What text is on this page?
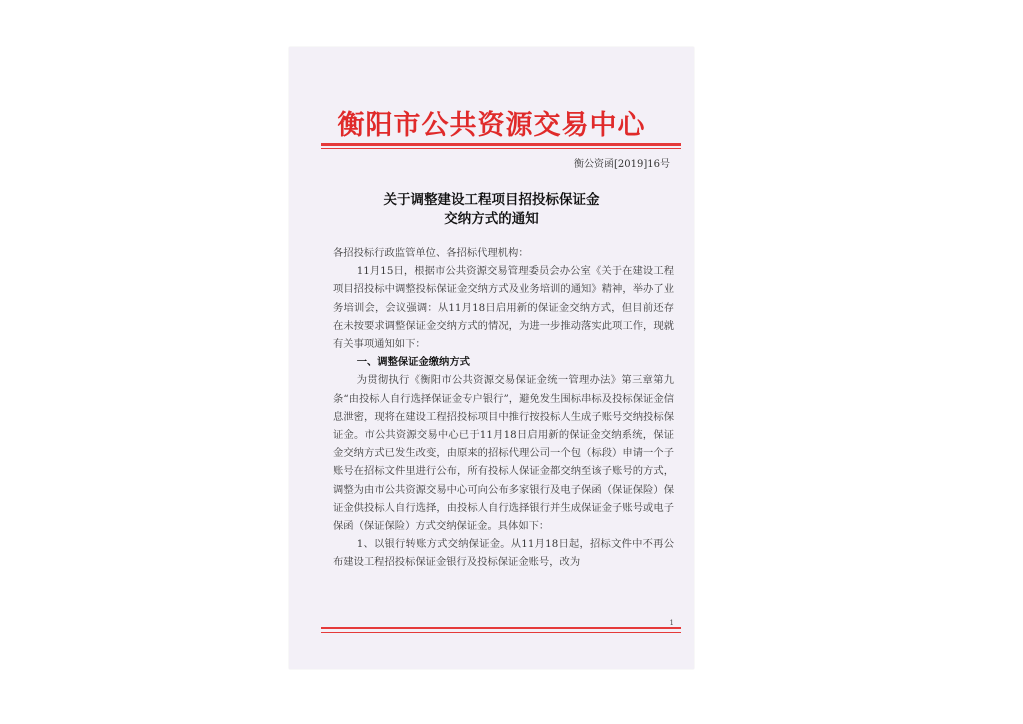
衡阳市公共资源交易中心
衡公资函[2019]16号
关于调整建设工程项目招投标保证金
交纳方式的通知

各招投标行政监管单位、各招标代理机构：

11月15日，根据市公共资源交易管理委员会办公室《关于在建设工程项目招投标中调整投标保证金交纳方式及业务培训的通知》精神，举办了业务培训会，会议强调：从11月18日启用新的保证金交纳方式，但目前还存在未按要求调整保证金交纳方式的情况，为进一步推动落实此项工作，现就有关事项通知如下：

一、调整保证金缴纳方式

为贯彻执行《衡阳市公共资源交易保证金统一管理办法》第三章第九条“由投标人自行选择保证金专户银行”，避免发生围标串标及投标保证金信息泄密，现将在建设工程招投标项目中推行按投标人生成子账号交纳投标保证金。市公共资源交易中心已于11月18日启用新的保证金交纳系统，保证金交纳方式已发生改变，由原来的招标代理公司一个包（标段）申请一个子账号在招标文件里进行公布，所有投标人保证金都交纳至该子账号的方式，调整为由市公共资源交易中心可向公布多家银行及电子保函（保证保险）保证金供投标人自行选择，由投标人自行选择银行并生成保证金子账号或电子保函（保证保险）方式交纳保证金。具体如下：

1、以银行转账方式交纳保证金。从11月18日起，招标文件中不再公布建设工程招投标保证金银行及投标保证金账号，改为

1
